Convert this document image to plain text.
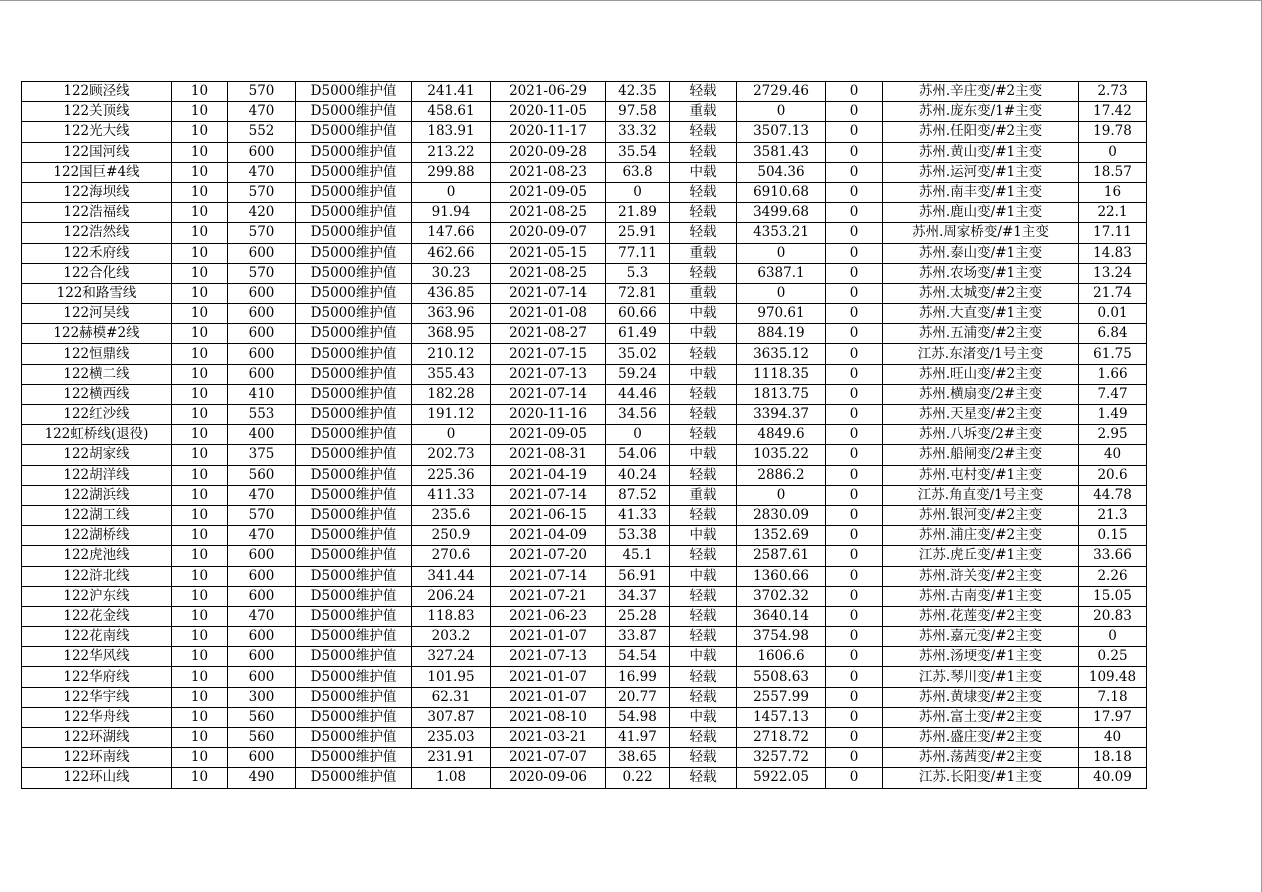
122顾泾线	10	570	D5000维护值	241.41	2021-06-29	42.35	轻载	2729.46	0	苏州.辛庄变/#2主变	2.73
122关顶线	10	470	D5000维护值	458.61	2020-11-05	97.58	重载	0	0	苏州.庞东变/1#主变	17.42
122光大线	10	552	D5000维护值	183.91	2020-11-17	33.32	轻载	3507.13	0	苏州.任阳变/#2主变	19.78
122国河线	10	600	D5000维护值	213.22	2020-09-28	35.54	轻载	3581.43	0	苏州.黄山变/#1主变	0
122国巨#4线	10	470	D5000维护值	299.88	2021-08-23	63.8	中载	504.36	0	苏州.运河变/#1主变	18.57
122海坝线	10	570	D5000维护值	0	2021-09-05	0	轻载	6910.68	0	苏州.南丰变/#1主变	16
122浩福线	10	420	D5000维护值	91.94	2021-08-25	21.89	轻载	3499.68	0	苏州.鹿山变/#1主变	22.1
122浩然线	10	570	D5000维护值	147.66	2020-09-07	25.91	轻载	4353.21	0	苏州.周家桥变/#1主变	17.11
122禾府线	10	600	D5000维护值	462.66	2021-05-15	77.11	重载	0	0	苏州.泰山变/#1主变	14.83
122合化线	10	570	D5000维护值	30.23	2021-08-25	5.3	轻载	6387.1	0	苏州.农场变/#1主变	13.24
122和路雪线	10	600	D5000维护值	436.85	2021-07-14	72.81	重载	0	0	苏州.太城变/#2主变	21.74
122河吴线	10	600	D5000维护值	363.96	2021-01-08	60.66	中载	970.61	0	苏州.大直变/#1主变	0.01
122赫模#2线	10	600	D5000维护值	368.95	2021-08-27	61.49	中载	884.19	0	苏州.五浦变/#2主变	6.84
122恒鼎线	10	600	D5000维护值	210.12	2021-07-15	35.02	轻载	3635.12	0	江苏.东渚变/1号主变	61.75
122横二线	10	600	D5000维护值	355.43	2021-07-13	59.24	中载	1118.35	0	苏州.旺山变/#2主变	1.66
122横西线	10	410	D5000维护值	182.28	2021-07-14	44.46	轻载	1813.75	0	苏州.横扇变/2#主变	7.47
122红沙线	10	553	D5000维护值	191.12	2020-11-16	34.56	轻载	3394.37	0	苏州.天星变/#2主变	1.49
122虹桥线(退役)	10	400	D5000维护值	0	2021-09-05	0	轻载	4849.6	0	苏州.八坼变/2#主变	2.95
122胡家线	10	375	D5000维护值	202.73	2021-08-31	54.06	中载	1035.22	0	苏州.船闸变/2#主变	40
122胡洋线	10	560	D5000维护值	225.36	2021-04-19	40.24	轻载	2886.2	0	苏州.屯村变/#1主变	20.6
122湖浜线	10	470	D5000维护值	411.33	2021-07-14	87.52	重载	0	0	江苏.角直变/1号主变	44.78
122湖工线	10	570	D5000维护值	235.6	2021-06-15	41.33	轻载	2830.09	0	苏州.银河变/#2主变	21.3
122湖桥线	10	470	D5000维护值	250.9	2021-04-09	53.38	中载	1352.69	0	苏州.浦庄变/#2主变	0.15
122虎池线	10	600	D5000维护值	270.6	2021-07-20	45.1	轻载	2587.61	0	江苏.虎丘变/#1主变	33.66
122浒北线	10	600	D5000维护值	341.44	2021-07-14	56.91	中载	1360.66	0	苏州.浒关变/#2主变	2.26
122沪东线	10	600	D5000维护值	206.24	2021-07-21	34.37	轻载	3702.32	0	苏州.古南变/#1主变	15.05
122花金线	10	470	D5000维护值	118.83	2021-06-23	25.28	轻载	3640.14	0	苏州.花莲变/#2主变	20.83
122花南线	10	600	D5000维护值	203.2	2021-01-07	33.87	轻载	3754.98	0	苏州.嘉元变/#2主变	0
122华风线	10	600	D5000维护值	327.24	2021-07-13	54.54	中载	1606.6	0	苏州.汤埂变/#1主变	0.25
122华府线	10	600	D5000维护值	101.95	2021-01-07	16.99	轻载	5508.63	0	江苏.琴川变/#1主变	109.48
122华宇线	10	300	D5000维护值	62.31	2021-01-07	20.77	轻载	2557.99	0	苏州.黄埭变/#2主变	7.18
122华舟线	10	560	D5000维护值	307.87	2021-08-10	54.98	中载	1457.13	0	苏州.富土变/#2主变	17.97
122环湖线	10	560	D5000维护值	235.03	2021-03-21	41.97	轻载	2718.72	0	苏州.盛庄变/#2主变	40
122环南线	10	600	D5000维护值	231.91	2021-07-07	38.65	轻载	3257.72	0	苏州.荡茜变/#2主变	18.18
122环山线	10	490	D5000维护值	1.08	2020-09-06	0.22	轻载	5922.05	0	江苏.长阳变/#1主变	40.09
